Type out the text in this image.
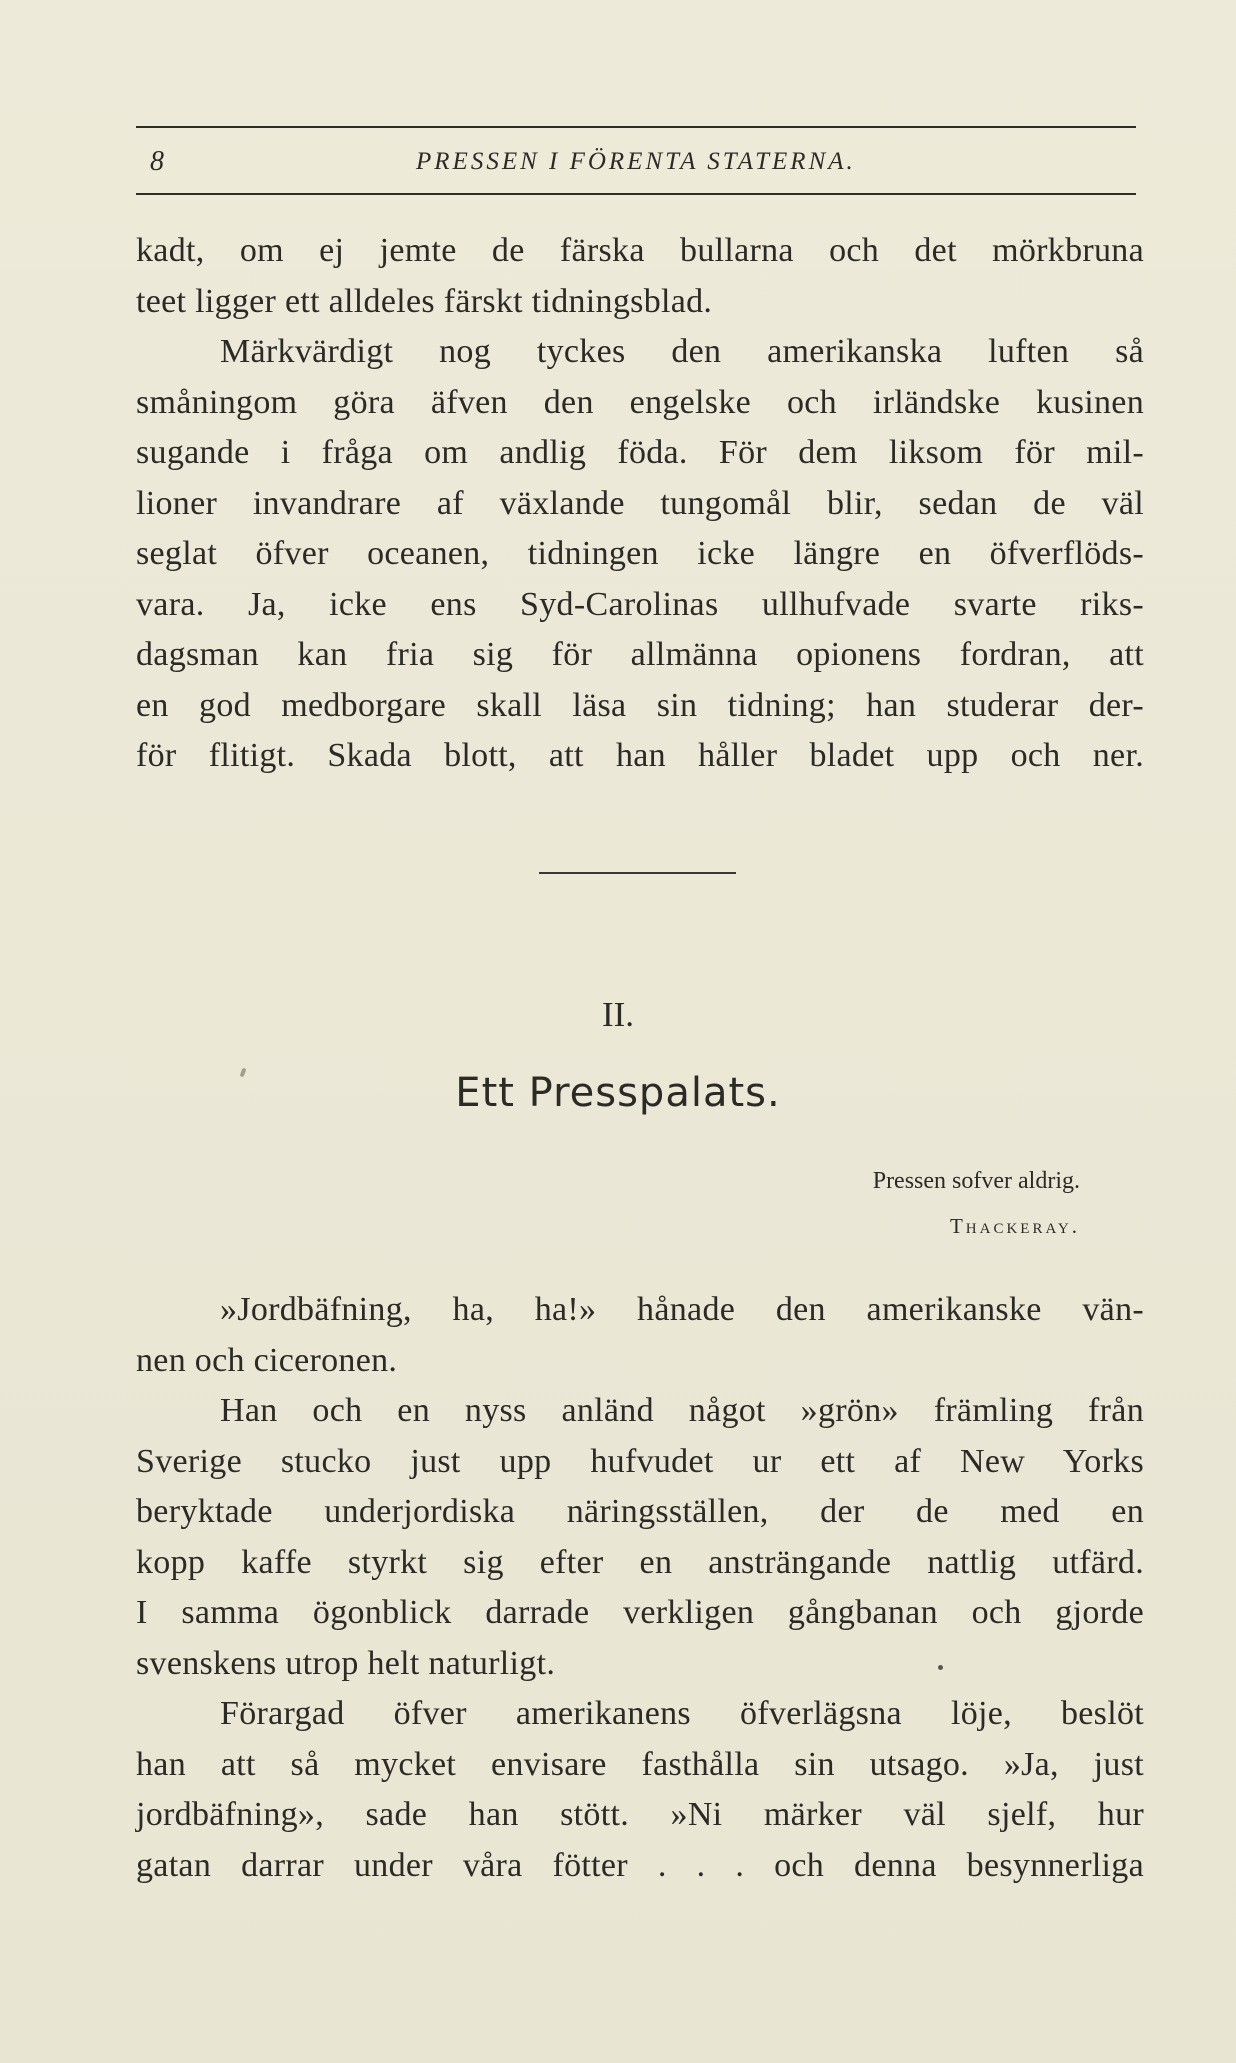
8	PRESSEN I FÖRENTA STATERNA.

kadt, om ej jemte de färska bullarna och det mörkbruna

teet ligger ett alldeles färskt tidningsblad.

Märkvärdigt nog tyckes den amerikanska luften så

småningom göra äfven den engelske och irländske kusinen

sugande i fråga om andlig föda. För dem liksom för mil-

lioner invandrare af växlande tungomål blir, sedan de väl

seglat öfver oceanen, tidningen icke längre en öfverflöds-

vara. Ja, icke ens Syd-Carolinas ullhufvade svarte riks-

dagsman kan fria sig för allmänna opionens fordran, att

en god medborgare skall läsa sin tidning; han studerar der-

för flitigt. Skada blott, att han håller bladet upp och ner.

II.
Ett Presspalats.
Pressen sofver aldrig.
Thackeray.

»Jordbäfning, ha, ha!» hånade den amerikanske vän-

nen och ciceronen.

Han och en nyss anländ något »grön» främling från

Sverige stucko just upp hufvudet ur ett af New Yorks

beryktade underjordiska näringsställen, der de med en

kopp kaffe styrkt sig efter en ansträngande nattlig utfärd.

I samma ögonblick darrade verkligen gångbanan och gjorde

svenskens utrop helt naturligt.

Förargad öfver amerikanens öfverlägsna löje, beslöt

han att så mycket envisare fasthålla sin utsago. »Ja, just

jordbäfning», sade han stött. »Ni märker väl sjelf, hur

gatan darrar under våra fötter . . . och denna besynnerliga
